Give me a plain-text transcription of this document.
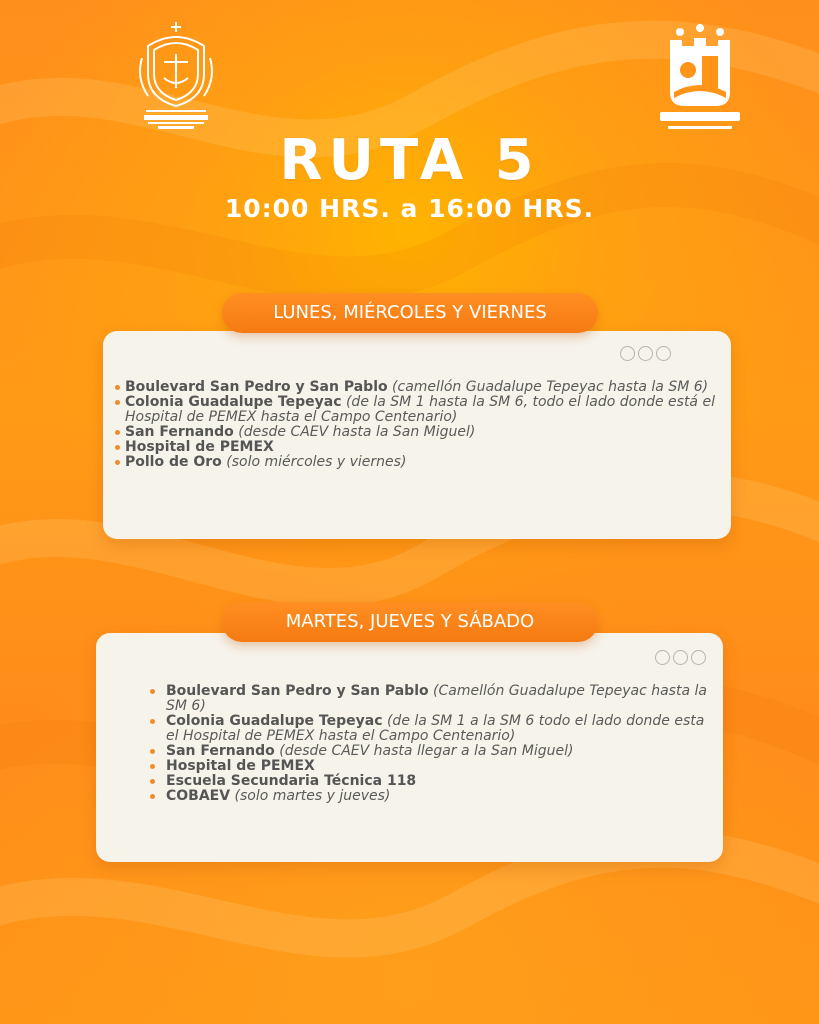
RUTA 5
10:00 HRS. a 16:00 HRS.
LUNES, MIÉRCOLES Y VIERNES
Boulevard San Pedro y San Pablo (camellón Guadalupe Tepeyac hasta la SM 6)
Colonia Guadalupe Tepeyac (de la SM 1 hasta la SM 6, todo el lado donde está el Hospital de PEMEX hasta el Campo Centenario)
San Fernando (desde CAEV hasta la San Miguel)
Hospital de PEMEX
Pollo de Oro (solo miércoles y viernes)
MARTES, JUEVES Y SÁBADO
Boulevard San Pedro y San Pablo (Camellón Guadalupe Tepeyac hasta la SM 6)
Colonia Guadalupe Tepeyac (de la SM 1 a la SM 6 todo el lado donde esta el Hospital de PEMEX hasta el Campo Centenario)
San Fernando (desde CAEV hasta llegar a la San Miguel)
Hospital de PEMEX
Escuela Secundaria Técnica 118
COBAEV (solo martes y jueves)
